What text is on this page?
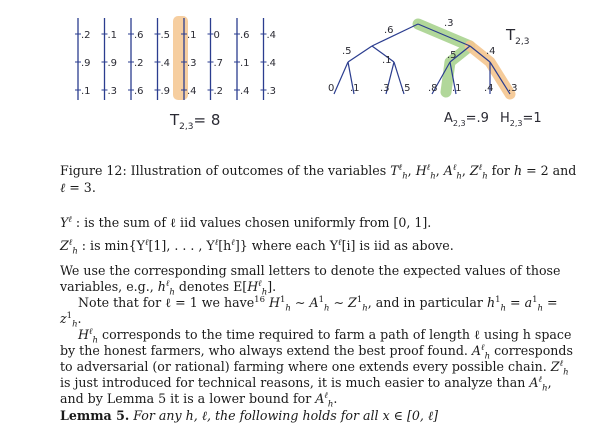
.2
.9
.1
.1
.9
.3
.6
.2
.6
.5
.4
.9
.1
.3
.4
0
.7
.2
.6
.1
.4
.4
.4
.3
$T_{2,3}= 8$
.6
.3
.5
.1	.5	.4
0 .1 .3 .5 .8 .1 .4 .3
$T_{2,3}$
$A_{2,3}=.9$ $H_{2,3}=1$
Figure 12: Illustration of outcomes of the variables $T^\ell_h$, $H^\ell_h$, $A^\ell_h$, $Z^\ell_h$ for h = 2 and
ℓ = 3.
$Y^\ell$ : is the sum of ℓ iid values chosen uniformly from [0, 1].
$Z^\ell_h$ : is $\min\{Y^\ell[1]$, . . . , $Y^\ell[h^\ell]$} where each $Y^\ell[i]$ is iid as above.
We use the corresponding small letters to denote the expected values of those
variables, e.g., $h^\ell_h$ denotes $E[H^\ell_h]$.
Note that for ℓ = 1 we have$^{16}$ $H^1_h$ ∼ $A^1_h$ ∼ $Z^1_h$, and in particular $h^1_h = a^1_h$ =
$z^1_h$.
$H^\ell_h$ corresponds to the time required to farm a path of length ℓ using h space
by the honest farmers, who always extend the best proof found. $A^\ell_h$ corresponds
to adversarial (or rational) farming where one extends every possible chain. $Z^\ell_h$
is just introduced for technical reasons, it is much easier to analyze than $A^\ell_h$,
and by Lemma 5 it is a lower bound for $A^\ell_h$.
Lemma 5. For any h, ℓ, the following holds for all x ∈ [0, ℓ]
